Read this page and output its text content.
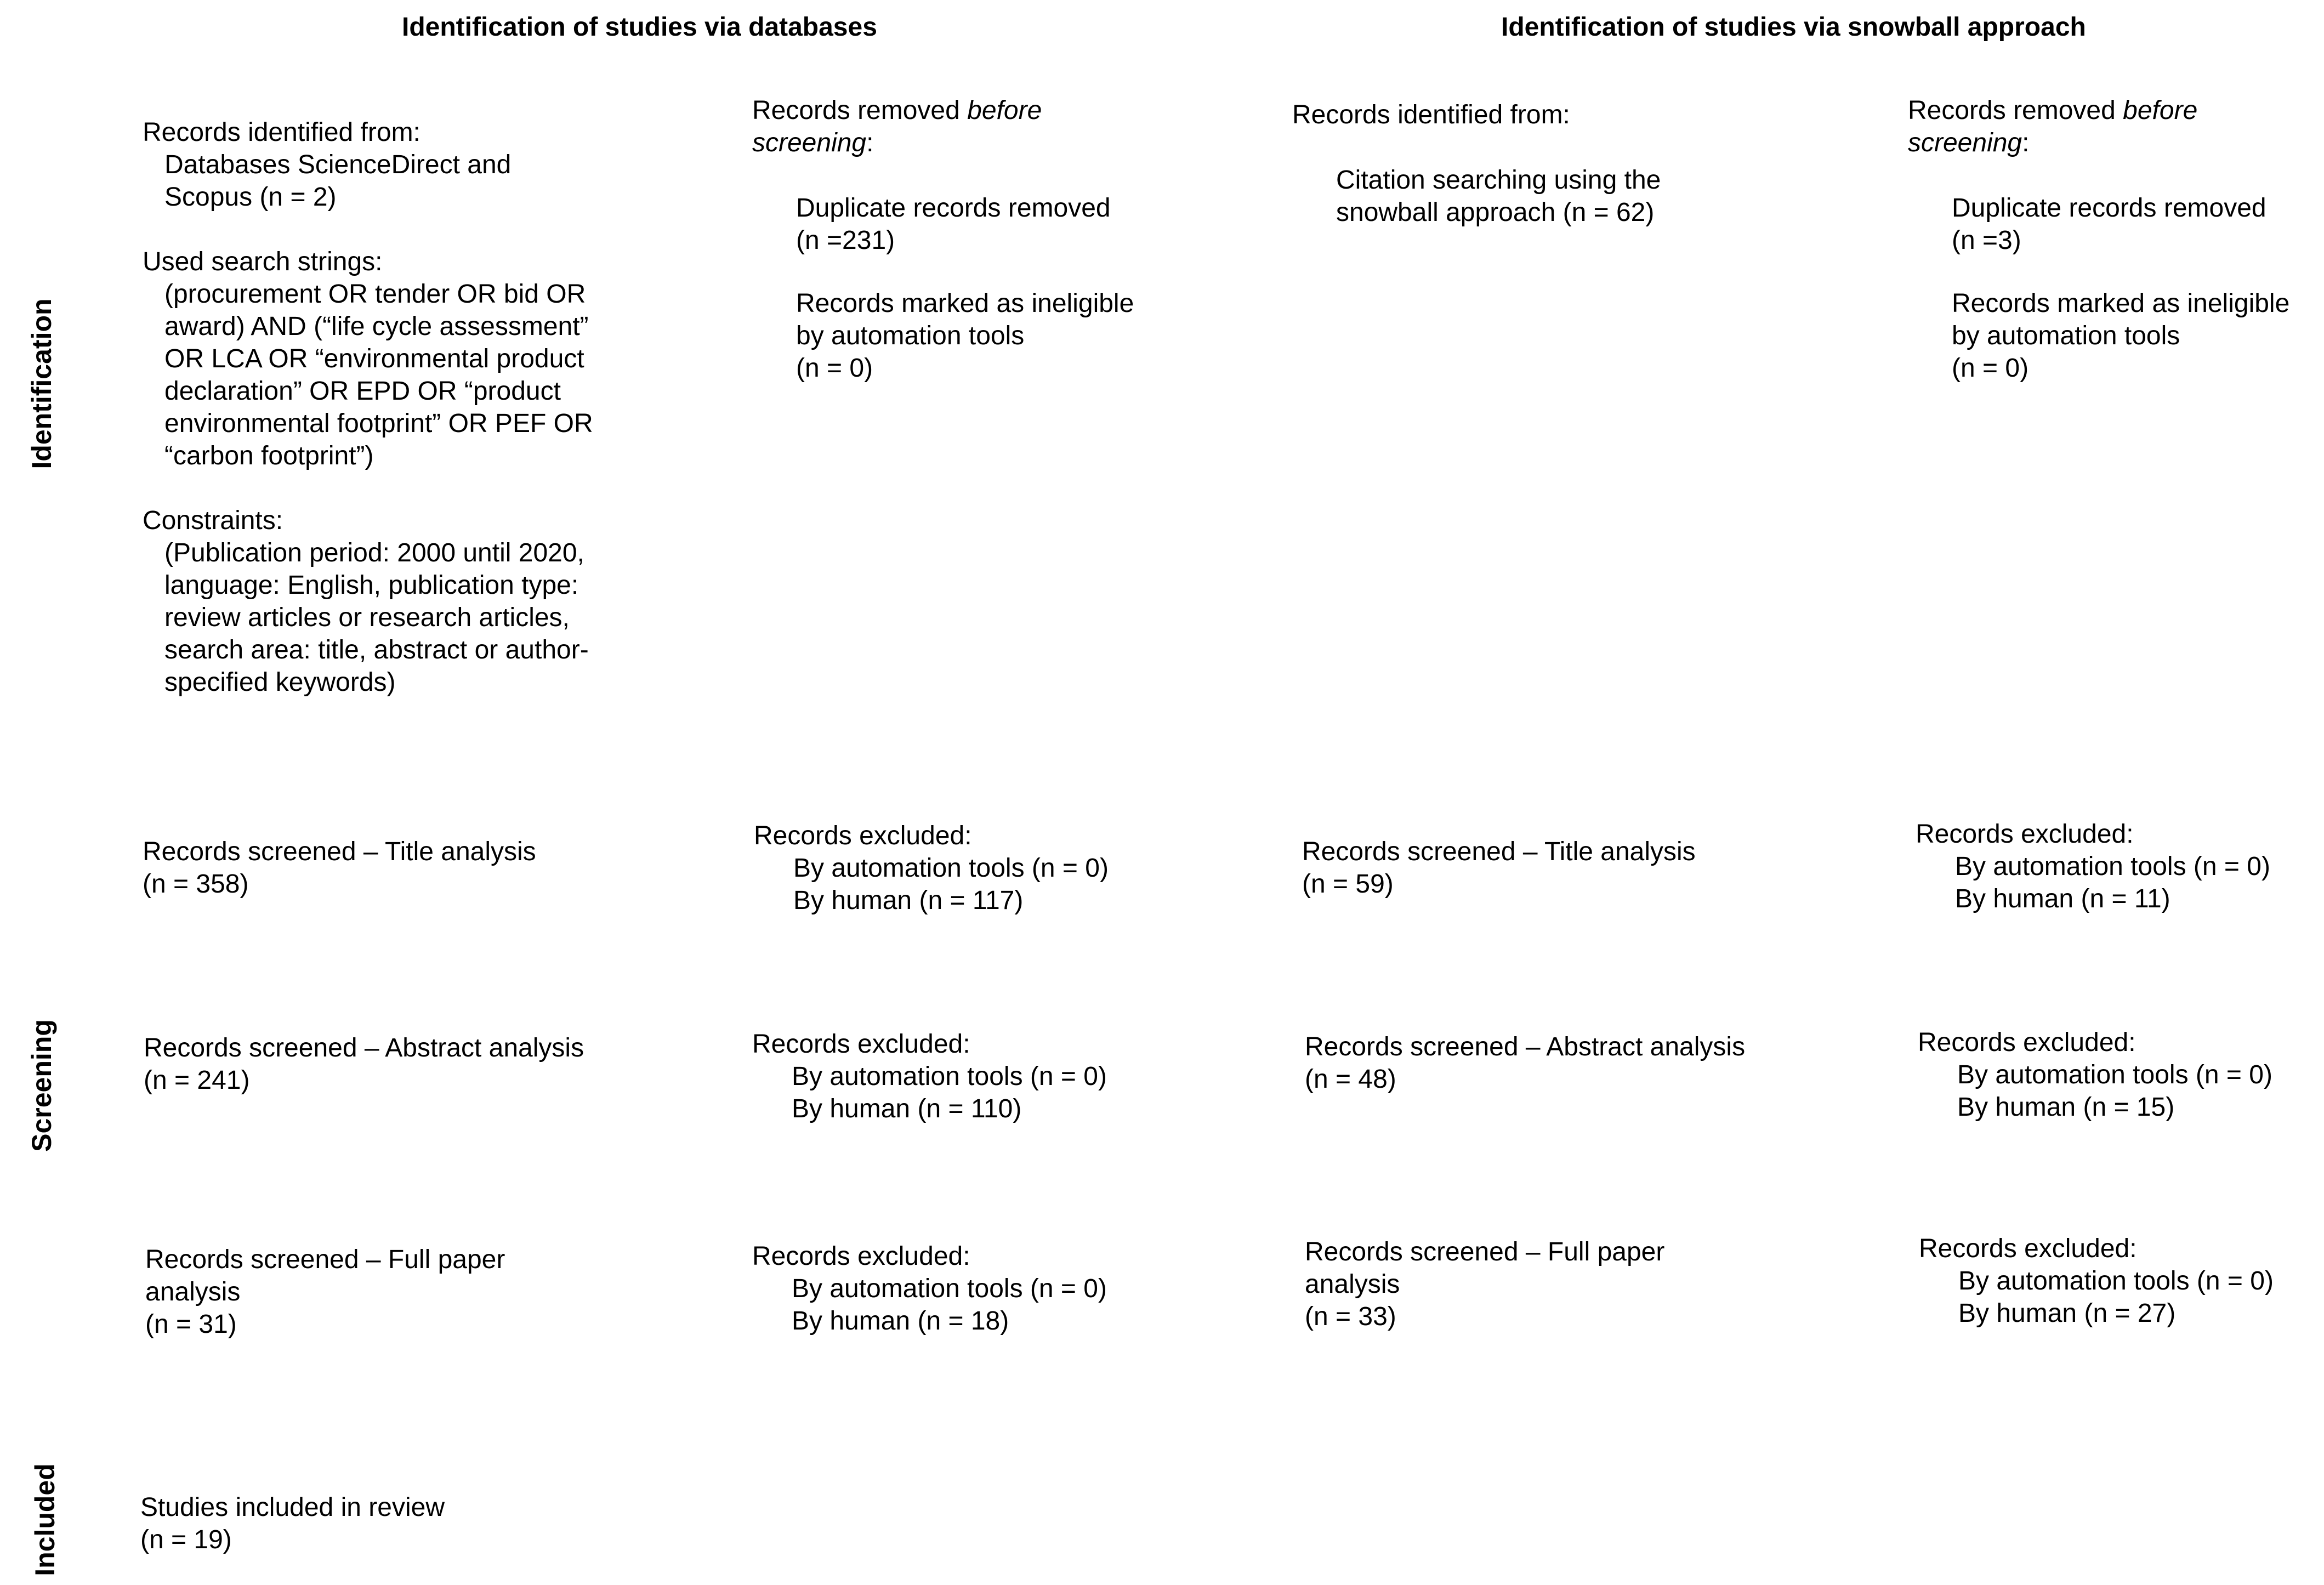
Identification of studies via databases	Identification of studies via snowball approach
Identification
Screening
Included
Records identified from:
Databases ScienceDirect and
Scopus (n = 2)
Used search strings:
(procurement OR tender OR bid OR
award) AND (“life cycle assessment”
OR LCA OR “environmental product
declaration” OR EPD OR “product
environmental footprint” OR PEF OR
“carbon footprint”)
Constraints:
(Publication period: 2000 until 2020,
language: English, publication type:
review articles or research articles,
search area: title, abstract or author-
specified keywords)
Records removed before
screening:
Duplicate records removed
(n =231)
Records marked as ineligible
by automation tools
(n = 0)
Records identified from:
Citation searching using the
snowball approach (n = 62)
Records removed before
screening:
Duplicate records removed
(n =3)
Records marked as ineligible
by automation tools
(n = 0)
Records screened – Title analysis
(n = 358)
Records excluded:
By automation tools (n = 0)
By human (n = 117)
Records screened – Title analysis
(n = 59)
Records excluded:
By automation tools (n = 0)
By human (n = 11)
Records screened – Abstract analysis
(n = 241)
Records excluded:
By automation tools (n = 0)
By human (n = 110)
Records screened – Abstract analysis
(n = 48)
Records excluded:
By automation tools (n = 0)
By human (n = 15)
Records screened – Full paper
analysis
(n = 31)
Records excluded:
By automation tools (n = 0)
By human (n = 18)
Records screened – Full paper
analysis
(n = 33)
Records excluded:
By automation tools (n = 0)
By human (n = 27)
Studies included in review
(n = 19)
